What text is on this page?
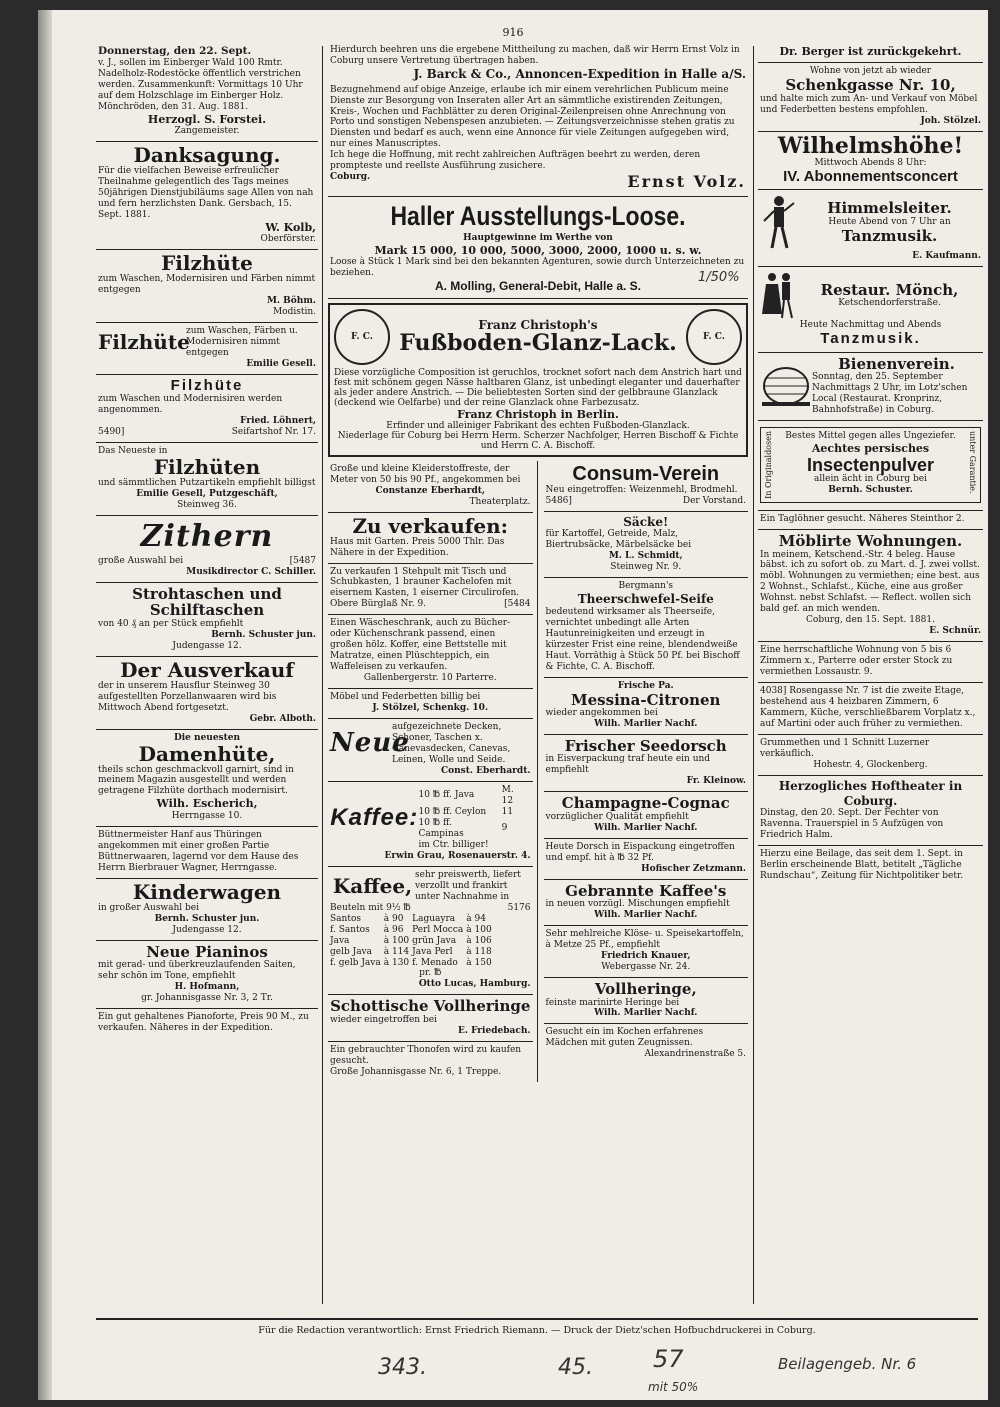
916
Donnerstag, den 22. Sept.
v. J., sollen im Einberger Wald 100 Rmtr. Nadelholz-Rodestöcke öffentlich verstrichen werden. Zusammenkunft: Vormittags 10 Uhr auf dem Holzschlage im Einberger Holz. Mönchröden, den 31. Aug. 1881.
Herzogl. S. Forstei.
Zangemeister.
Danksagung.
Für die vielfachen Beweise erfreulicher Theilnahme gelegentlich des Tags meines 50jährigen Dienstjubiläums sage Allen von nah und fern herzlichsten Dank. Gersbach, 15. Sept. 1881.
W. Kolb,
Oberförster.
Filzhüte
zum Waschen, Modernisiren und Färben nimmt entgegen
M. Böhm.
Modistin.
Filzhüte
zum Waschen, Färben u. Modernisiren nimmt entgegen
Emilie Gesell.
Filzhüte
zum Waschen und Modernisiren werden angenommen.
Fried. Löhnert,
5490]	Seifartshof Nr. 17.
Das Neueste in
Filzhüten
und sämmtlichen Putzartikeln empfiehlt billigst
Emilie Gesell, Putzgeschäft,
Steinweg 36.
Zithern
große Auswahl bei	[5487
Musikdirector C. Schiller.
Strohtaschen und Schilftaschen
von 40 ₰ an per Stück empfiehlt
Bernh. Schuster jun.
Judengasse 12.
Der Ausverkauf
der in unserem Hausflur Steinweg 30 aufgestellten Porzellanwaaren wird bis Mittwoch Abend fortgesetzt.
Gebr. Alboth.
Die neuesten
Damenhüte,
theils schon geschmackvoll garnirt, sind in meinem Magazin ausgestellt und werden getragene Filzhüte dorthach modernisirt.
Wilh. Escherich,
Herrngasse 10.
Büttnermeister Hanf aus Thüringen angekommen mit einer großen Partie Büttnerwaaren, lagernd vor dem Hause des Herrn Bierbrauer Wagner, Herrngasse.
Kinderwagen
in großer Auswahl bei
Bernh. Schuster jun.
Judengasse 12.
Neue Pianinos
mit gerad- und überkreuzlaufenden Saiten, sehr schön im Tone, empfiehlt
H. Hofmann,
gr. Johannisgasse Nr. 3, 2 Tr.
Ein gut gehaltenes Pianoforte, Preis 90 M., zu verkaufen. Näheres in der Expedition.
Hierdurch beehren uns die ergebene Mittheilung zu machen, daß wir Herrn Ernst Volz in Coburg unsere Vertretung übertragen haben.
J. Barck & Co., Annoncen-Expedition in Halle a/S.
Bezugnehmend auf obige Anzeige, erlaube ich mir einem verehrlichen Publicum meine Dienste zur Besorgung von Inseraten aller Art an sämmtliche existirenden Zeitungen, Kreis-, Wochen und Fachblätter zu deren Original-Zeilenpreisen ohne Anrechnung von Porto und sonstigen Nebenspesen anzubieten. — Zeitungsverzeichnisse stehen gratis zu Diensten und bedarf es auch, wenn eine Annonce für viele Zeitungen aufgegeben wird, nur eines Manuscriptes.
Ich hege die Hoffnung, mit recht zahlreichen Aufträgen beehrt zu werden, deren prompteste und reellste Ausführung zusichere.
Coburg.	Ernst Volz.
Haller Ausstellungs-Loose.
Hauptgewinne im Werthe von
Mark 15 000, 10 000, 5000, 3000, 2000, 1000 u. s. w.
Loose à Stück 1 Mark sind bei den bekannten Agenturen, sowie durch Unterzeichneten zu beziehen.
A. Molling, General-Debit, Halle a. S.
F. C.
Franz Christoph's
Fußboden-Glanz-Lack.	F. C.
Diese vorzügliche Composition ist geruchlos, trocknet sofort nach dem Anstrich hart und fest mit schönem gegen Nässe haltbaren Glanz, ist unbedingt eleganter und dauerhafter als jeder andere Anstrich. — Die beliebtesten Sorten sind der gelbbraune Glanzlack (deckend wie Oelfarbe) und der reine Glanzlack ohne Farbezusatz.
Franz Christoph in Berlin.
Erfinder und alleiniger Fabrikant des echten Fußboden-Glanzlack.
Niederlage für Coburg bei Herrn Herm. Scherzer Nachfolger, Herren Bischoff & Fichte und Herrn C. A. Bischoff.
Große und kleine Kleiderstoffreste, der Meter von 50 bis 90 Pf., angekommen bei
Constanze Eberhardt,
Theaterplatz.
Zu verkaufen:
Haus mit Garten. Preis 5000 Thlr. Das Nähere in der Expedition.
Zu verkaufen 1 Stehpult mit Tisch und Schubkasten, 1 brauner Kachelofen mit eisernem Kasten, 1 eiserner Circulirofen.
Obere Bürglaß Nr. 9.	[5484
Einen Wäscheschrank, auch zu Bücher- oder Küchenschrank passend, einen großen hölz. Koffer, eine Bettstelle mit Matratze, einen Plüschteppich, ein Waffeleisen zu verkaufen.
Gallenbergerstr. 10 Parterre.
Möbel und Federbetten billig bei
J. Stölzel, Schenkg. 10.
Neue
aufgezeichnete Decken, Schoner, Taschen x. Canevasdecken, Canevas, Leinen, Wolle und Seide.
Const. Eberhardt.
Kaffee:
10 ℔ ff. Java	M. 12
10 ℔ ff. Ceylon	11
10 ℔ ff. Campinas	9
im Ctr. billiger!	
Erwin Grau, Rosenauerstr. 4.
Kaffee, sehr preiswerth, liefert verzollt und frankirt unter Nachnahme in
Beuteln mit 9½ ℔	5176
Santos	à 90	Laguayra	à 94
f. Santos	à 96	Perl Mocca	à 100
Java	à 100	grün Java	à 106
gelb Java	à 114	Java Perl	à 118
f. gelb Java	à 130	f. Menado	à 150
pr. ℔
Otto Lucas, Hamburg.
Schottische Vollheringe
wieder eingetroffen bei
E. Friedebach.
Ein gebrauchter Thonofen wird zu kaufen gesucht.
Große Johannisgasse Nr. 6, 1 Treppe.
Consum-Verein
Neu eingetroffen: Weizenmehl, Brodmehl.
5486]	Der Vorstand.
Säcke!
für Kartoffel, Getreide, Malz, Biertrubsäcke, Märbelsäcke bei
M. L. Schmidt,
Steinweg Nr. 9.
Bergmann's
Theerschwefel-Seife
bedeutend wirksamer als Theerseife, vernichtet unbedingt alle Arten Hautunreinigkeiten und erzeugt in kürzester Frist eine reine, blendendweiße Haut. Vorräthig à Stück 50 Pf. bei Bischoff & Fichte, C. A. Bischoff.
Frische Pa.
Messina-Citronen
wieder angekommen bei
Wilh. Marlier Nachf.
Frischer Seedorsch
in Eisverpackung traf heute ein und empfiehlt
Fr. Kleinow.
Champagne-Cognac
vorzüglicher Qualität empfiehlt
Wilh. Marlier Nachf.
Heute Dorsch in Eispackung eingetroffen und empf. hit à ℔ 32 Pf.
Hofischer Zetzmann.
Gebrannte Kaffee's
in neuen vorzügl. Mischungen empfiehlt
Wilh. Marlier Nachf.
Sehr mehlreiche Klöse- u. Speisekartoffeln, à Metze 25 Pf., empfiehlt
Friedrich Knauer,
Webergasse Nr. 24.
Vollheringe,
feinste marinirte Heringe bei
Wilh. Marlier Nachf.
Gesucht ein im Kochen erfahrenes Mädchen mit guten Zeugnissen.
Alexandrinenstraße 5.
Dr. Berger ist zurückgekehrt.
Wohne von jetzt ab wieder
Schenkgasse Nr. 10,
und halte mich zum An- und Verkauf von Möbel und Federbetten bestens empfohlen.
Joh. Stölzel.
Wilhelmshöhe!
Mittwoch Abends 8 Uhr:
IV. Abonnementsconcert
Himmelsleiter.
Heute Abend von 7 Uhr an
Tanzmusik.
E. Kaufmann.
Restaur. Mönch,
Ketschendorferstraße.
Heute Nachmittag und Abends
Tanzmusik.
Bienenverein.
Sonntag, den 25. September Nachmittags 2 Uhr, im Lotz'schen Local (Restaurat. Kronprinz, Bahnhofstraße) in Coburg.
In Originaldosen	Bestes Mittel gegen alles Ungeziefer.
Aechtes persisches
Insectenpulver
allein ächt in Coburg bei
Bernh. Schuster.	unter Garantie.
Ein Taglöhner gesucht. Näheres Steinthor 2.
Möblirte Wohnungen.
In meinem, Ketschend.-Str. 4 beleg. Hause bäbst. ich zu sofort ob. zu Mart. d. J. zwei vollst. möbl. Wohnungen zu vermiethen; eine best. aus 2 Wohnst., Schlafst., Küche, eine aus großer Wohnst. nebst Schlafst. — Reflect. wollen sich bald gef. an mich wenden.
Coburg, den 15. Sept. 1881.
E. Schnür.
Eine herrschaftliche Wohnung von 5 bis 6 Zimmern x., Parterre oder erster Stock zu vermiethen Lossaustr. 9.
4038] Rosengasse Nr. 7 ist die zweite Etage, bestehend aus 4 heizbaren Zimmern, 6 Kammern, Küche, verschließbarem Vorplatz x., auf Martini oder auch früher zu vermiethen.
Grummethen und 1 Schnitt Luzerner verkäuflich.
Hohestr. 4, Glockenberg.
Herzogliches Hoftheater in Coburg.
Dinstag, den 20. Sept. Der Fechter von Ravenna. Trauerspiel in 5 Aufzügen von Friedrich Halm.
Hierzu eine Beilage, das seit dem 1. Sept. in Berlin erscheinende Blatt, betitelt „Tägliche Rundschau“, Zeitung für Nichtpolitiker betr.
Für die Redaction verantwortlich: Ernst Friedrich Riemann. — Druck der Dietz'schen Hofbuchdruckerei in Coburg.
343.	45.	57
mit 50%
Beilagengeb. Nr. 6
1/50%
